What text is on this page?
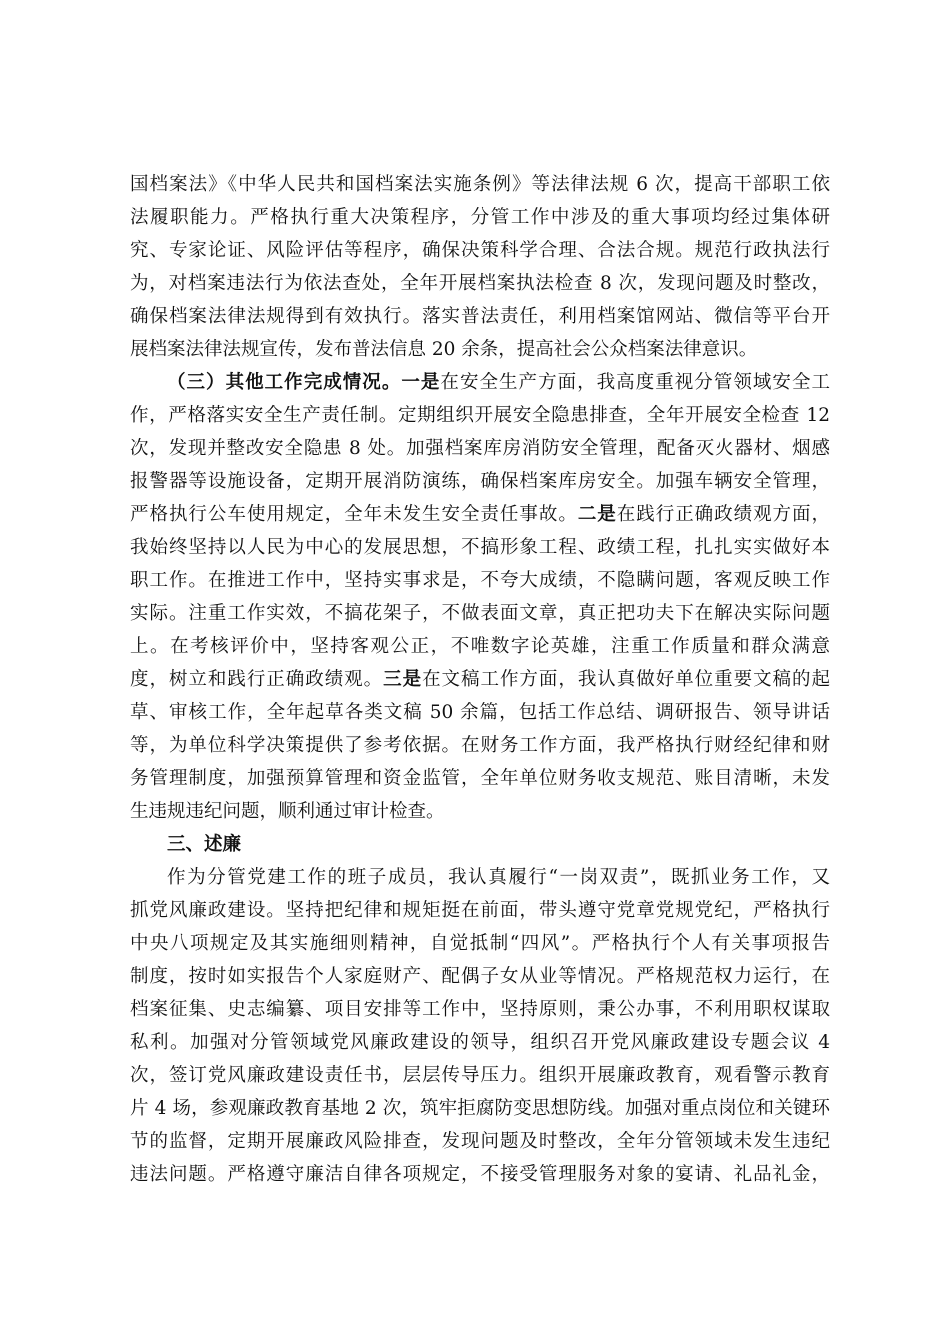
国档案法》《中华人民共和国档案法实施条例》等法律法规 6 次，提高干部职工依
法履职能力。严格执行重大决策程序，分管工作中涉及的重大事项均经过集体研
究、专家论证、风险评估等程序，确保决策科学合理、合法合规。规范行政执法行
为，对档案违法行为依法查处，全年开展档案执法检查 8 次，发现问题及时整改，
确保档案法律法规得到有效执行。落实普法责任，利用档案馆网站、微信等平台开
展档案法律法规宣传，发布普法信息 20 余条，提高社会公众档案法律意识。
（三）其他工作完成情况。一是在安全生产方面，我高度重视分管领域安全工
作，严格落实安全生产责任制。定期组织开展安全隐患排查，全年开展安全检查 12
次，发现并整改安全隐患 8 处。加强档案库房消防安全管理，配备灭火器材、烟感
报警器等设施设备，定期开展消防演练，确保档案库房安全。加强车辆安全管理，
严格执行公车使用规定，全年未发生安全责任事故。二是在践行正确政绩观方面，
我始终坚持以人民为中心的发展思想，不搞形象工程、政绩工程，扎扎实实做好本
职工作。在推进工作中，坚持实事求是，不夸大成绩，不隐瞒问题，客观反映工作
实际。注重工作实效，不搞花架子，不做表面文章，真正把功夫下在解决实际问题
上。在考核评价中，坚持客观公正，不唯数字论英雄，注重工作质量和群众满意
度，树立和践行正确政绩观。三是在文稿工作方面，我认真做好单位重要文稿的起
草、审核工作，全年起草各类文稿 50 余篇，包括工作总结、调研报告、领导讲话
等，为单位科学决策提供了参考依据。在财务工作方面，我严格执行财经纪律和财
务管理制度，加强预算管理和资金监管，全年单位财务收支规范、账目清晰，未发
生违规违纪问题，顺利通过审计检查。
三、述廉
作为分管党建工作的班子成员，我认真履行“一岗双责”，既抓业务工作，又
抓党风廉政建设。坚持把纪律和规矩挺在前面，带头遵守党章党规党纪，严格执行
中央八项规定及其实施细则精神，自觉抵制“四风”。严格执行个人有关事项报告
制度，按时如实报告个人家庭财产、配偶子女从业等情况。严格规范权力运行，在
档案征集、史志编纂、项目安排等工作中，坚持原则，秉公办事，不利用职权谋取
私利。加强对分管领域党风廉政建设的领导，组织召开党风廉政建设专题会议 4
次，签订党风廉政建设责任书，层层传导压力。组织开展廉政教育，观看警示教育
片 4 场，参观廉政教育基地 2 次，筑牢拒腐防变思想防线。加强对重点岗位和关键环
节的监督，定期开展廉政风险排查，发现问题及时整改，全年分管领域未发生违纪
违法问题。严格遵守廉洁自律各项规定，不接受管理服务对象的宴请、礼品礼金，
